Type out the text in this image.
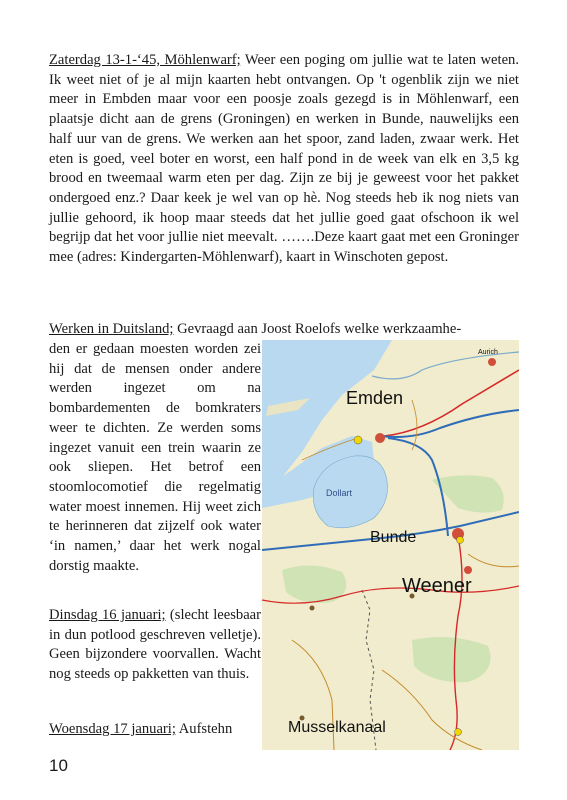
Zaterdag 13-1-‘45, Möhlenwarf; Weer een poging om jullie wat te laten weten. Ik weet niet of je al mijn kaarten hebt ontvangen. Op 't ogenblik zijn we niet meer in Embden maar voor een poosje zoals gezegd is in Möhlenwarf, een plaatsje dicht aan de grens (Groningen) en werken in Bunde, nauwelijks een half uur van de grens. We werken aan het spoor, zand laden, zwaar werk. Het eten is goed, veel boter en worst, een half pond in de week van elk en 3,5 kg brood en tweemaal warm eten per dag. Zijn ze bij je geweest voor het pakket ondergoed enz.? Daar keek je wel van op hè. Nog steeds heb ik nog niets van jullie gehoord, ik hoop maar steeds dat het jullie goed gaat ofschoon ik wel begrijp dat het voor jullie niet meevalt. …….Deze kaart gaat met een Groninger mee (adres: Kindergarten-Möhlenwarf), kaart in Winschoten gepost.
Werken in Duitsland; Gevraagd aan Joost Roelofs welke werkzaamhe-
den er gedaan moesten worden zei hij dat de mensen onder andere werden ingezet om na bombardementen de bomkraters weer te dichten. Ze werden soms ingezet vanuit een trein waarin ze ook sliepen. Het betrof een stoomlocomotief die regelmatig water moest innemen. Hij weet zich te herinneren dat zijzelf ook water ‘in namen,’ daar het werk nogal dorstig maakte.
Dinsdag 16 januari; (slecht leesbaar in dun potlood geschreven velletje). Geen bijzondere voorvallen. Wacht nog steeds op pakketten van thuis.
Woensdag 17 januari; Aufstehn
Emden
Bunde
Weener
Musselkanaal
Dollart
Aurich
10
